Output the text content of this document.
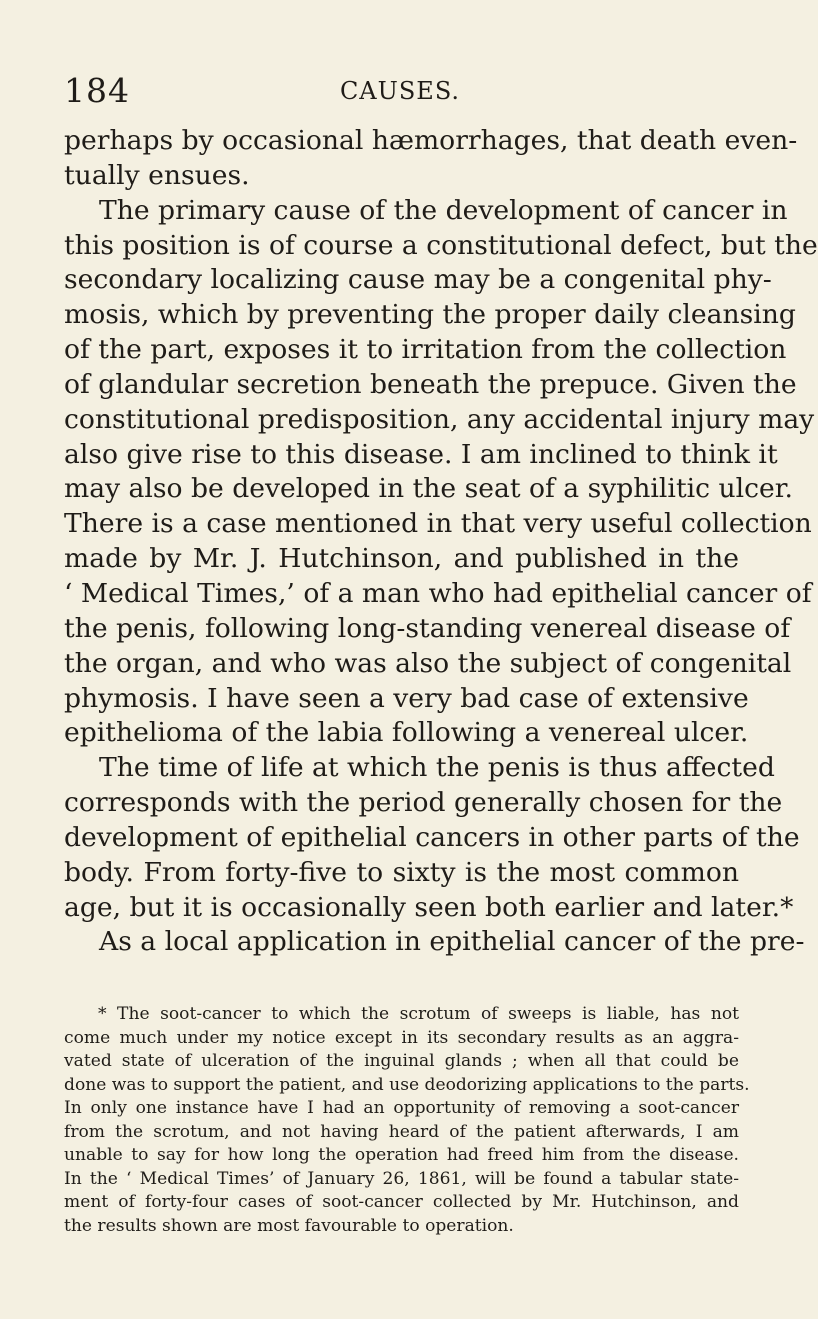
184	CAUSES.
perhaps by occasional hæmorrhages, that death even-
tually ensues.
The primary cause of the development of cancer in
this position is of course a constitutional defect, but the
secondary localizing cause may be a congenital phy-
mosis, which by preventing the proper daily cleansing
of the part, exposes it to irritation from the collection
of glandular secretion beneath the prepuce. Given the
constitutional predisposition, any accidental injury may
also give rise to this disease. I am inclined to think it
may also be developed in the seat of a syphilitic ulcer.
There is a case mentioned in that very useful collection
made by Mr. J. Hutchinson, and published in the
‘ Medical Times,’ of a man who had epithelial cancer of
the penis, following long-standing venereal disease of
the organ, and who was also the subject of congenital
phymosis. I have seen a very bad case of extensive
epithelioma of the labia following a venereal ulcer.
The time of life at which the penis is thus affected
corresponds with the period generally chosen for the
development of epithelial cancers in other parts of the
body. From forty-five to sixty is the most common
age, but it is occasionally seen both earlier and later.*
As a local application in epithelial cancer of the pre-
* The soot-cancer to which the scrotum of sweeps is liable, has not
come much under my notice except in its secondary results as an aggra-
vated state of ulceration of the inguinal glands ; when all that could be
done was to support the patient, and use deodorizing applications to the parts.
In only one instance have I had an opportunity of removing a soot-cancer
from the scrotum, and not having heard of the patient afterwards, I am
unable to say for how long the operation had freed him from the disease.
In the ‘ Medical Times’ of January 26, 1861, will be found a tabular state-
ment of forty-four cases of soot-cancer collected by Mr. Hutchinson, and
the results shown are most favourable to operation.
